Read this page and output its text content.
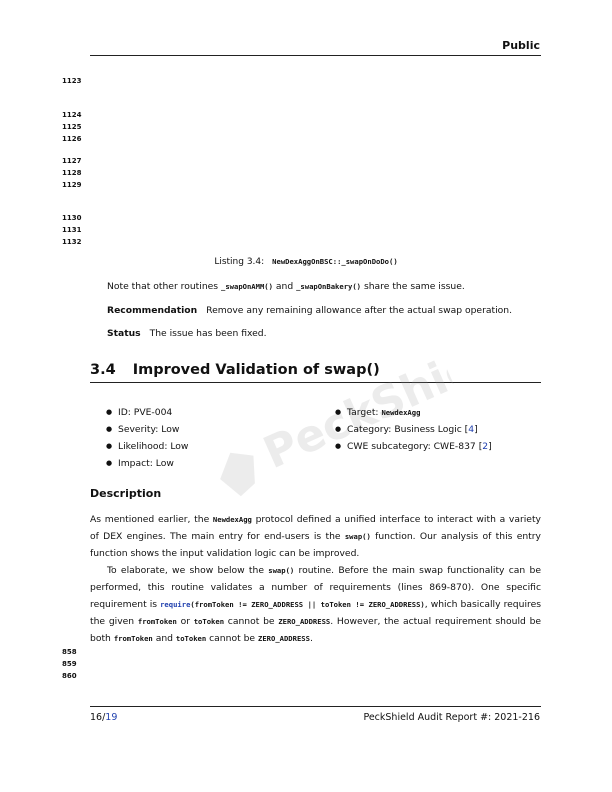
Public
1123
1124
1125
1126
1127
1128
1129
1130
1131
1132
Listing 3.4: NewDexAggOnBSC::_swapOnDoDo()
Note that other routines _swapOnAMM() and _swapOnBakery() share the same issue.
Recommendation Remove any remaining allowance after the actual swap operation.
Status The issue has been fixed.
3.4 Improved Validation of swap()
PeckShield
● ID: PVE-004
● Severity: Low
● Likelihood: Low
● Impact: Low
● Target: NewdexAgg
● Category: Business Logic [4]
● CWE subcategory: CWE-837 [2]
Description
As mentioned earlier, the NewdexAgg protocol defined a unified interface to interact with a variety of DEX engines. The main entry for end-users is the swap() function. Our analysis of this entry function shows the input validation logic can be improved.
To elaborate, we show below the swap() routine. Before the main swap functionality can be performed, this routine validates a number of requirements (lines 869-870). One specific requirement is require(fromToken != ZERO_ADDRESS || toToken != ZERO_ADDRESS), which basically requires the given fromToken or toToken cannot be ZERO_ADDRESS. However, the actual requirement should be both fromToken and toToken cannot be ZERO_ADDRESS.
858
859
860
16/19	PeckShield Audit Report #: 2021-216
